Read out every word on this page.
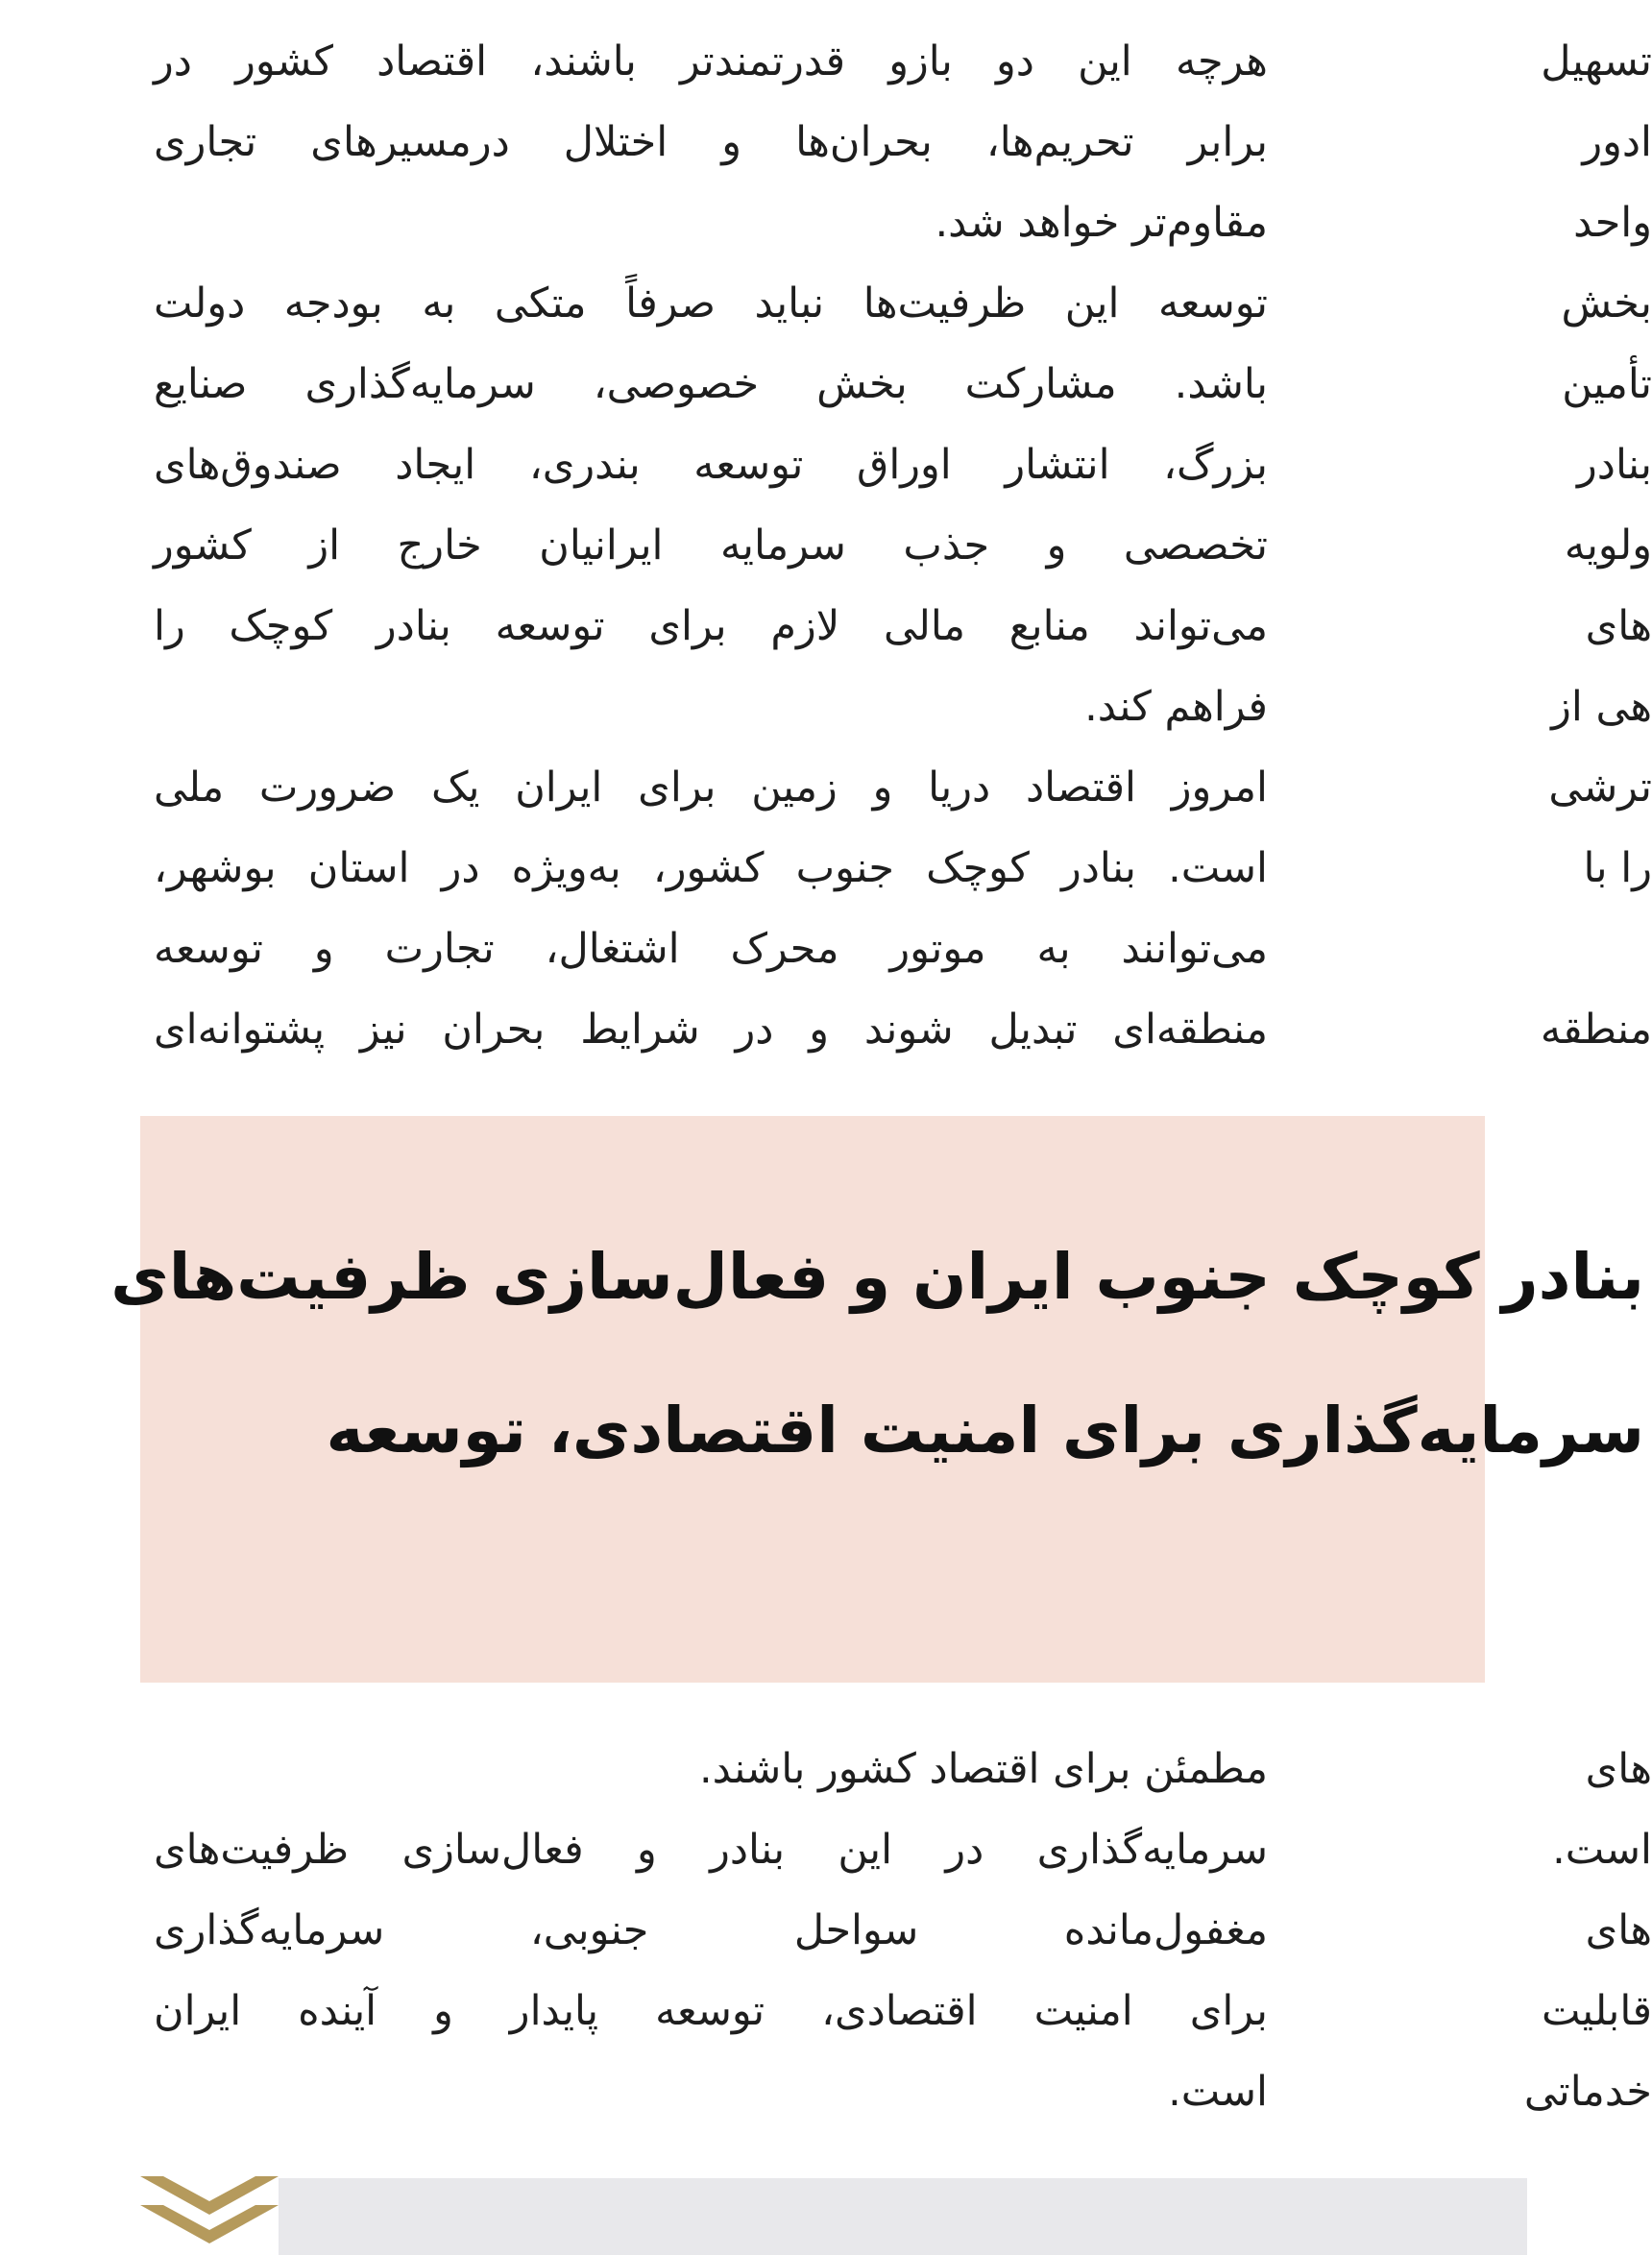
هرچه این دو بازو قدرتمندتر باشند، اقتصاد کشور در
برابر تحریم‌ها، بحران‌ها و اختلال درمسیرهای تجاری
مقاوم‌تر خواهد شد.
توسعه این ظرفیت‌ها نباید صرفاً متکی به بودجه دولت
باشد. مشارکت بخش خصوصی، سرمایه‌گذاری صنایع
بزرگ، انتشار اوراق توسعه بندری، ایجاد صندوق‌های
تخصصی و جذب سرمایه ایرانیان خارج از کشور
می‌تواند منابع مالی لازم برای توسعه بنادر کوچک را
فراهم کند.
امروز اقتصاد دریا و زمین برای ایران یک ضرورت ملی
است. بنادر کوچک جنوب کشور، به‌ویژه در استان بوشهر،
می‌توانند به موتور محرک اشتغال، تجارت و توسعه
منطقه‌ای تبدیل شوند و در شرایط بحران نیز پشتوانه‌ای
تسهیل
ادور
واحد
بخش
تأمین
بنادر
ولویه
‌های
هی از
ترشی
را با
منطقه
بنادر کوچک جنوب ایران و فعال‌سازی ظرفیت‌های
سرمایه‌گذاری برای امنیت اقتصادی، توسعه
مطمئن برای اقتصاد کشور باشند.
سرمایه‌گذاری در این بنادر و فعال‌سازی ظرفیت‌های
مغفول‌مانده سواحل جنوبی، سرمایه‌گذاری
برای امنیت اقتصادی، توسعه پایدار و آینده ایران
است.
‌های
است.
‌های
قابلیت
خدماتی
